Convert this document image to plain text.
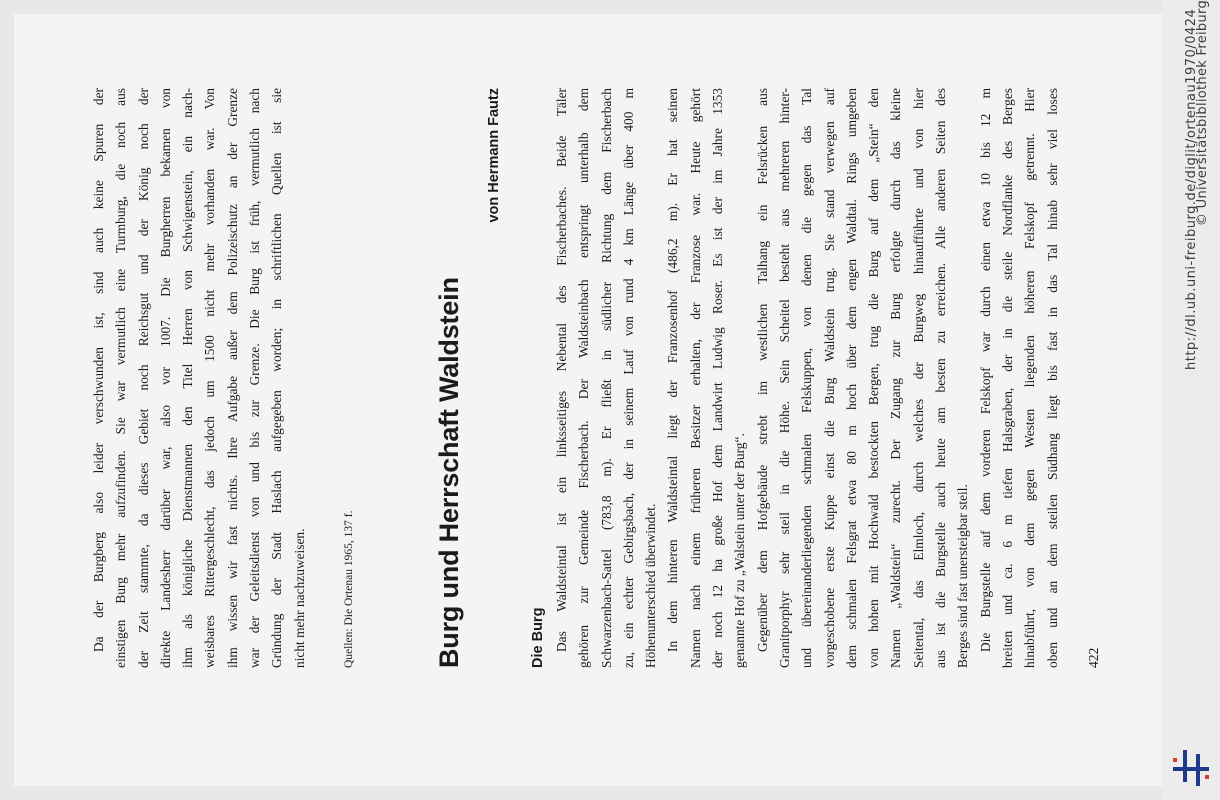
Da der Burgberg also leider verschwunden ist, sind auch keine Spuren der einstigen Burg mehr aufzufinden. Sie war vermutlich eine Turmburg, die noch aus der Zeit stammte, da dieses Gebiet noch Reichsgut und der König noch der direkte Landesherr darüber war, also vor 1007. Die Burgherren bekamen von ihm als königliche Dienstmannen den Titel Herren von Schwigenstein, ein nach- weisbares Rittergeschlecht, das jedoch um 1500 nicht mehr vorhanden war. Von ihm wissen wir fast nichts. Ihre Aufgabe außer dem Polizeischutz an der Grenze war der Geleitsdienst von und bis zur Grenze. Die Burg ist früh, vermutlich nach Gründung der Stadt Haslach aufgegeben worden; in schriftlichen Quellen ist sie nicht mehr nachzuweisen.	Quellen: Die Ortenau 1965, 137 f.	Burg und Herrschaft Waldstein
von Hermann Fautz
Die Burg Das Waldsteintal ist ein linksseitiges Nebental des Fischerbaches. Beide Täler gehören zur Gemeinde Fischerbach. Der Waldsteinbach entspringt unterhalb dem Schwarzenbach-Sattel (783,8 m). Er fließt in südlicher Richtung dem Fischerbach zu, ein echter Gebirgsbach, der in seinem Lauf von rund 4 km Länge über 400 m Höhenunterschied überwindet. In dem hinteren Waldsteintal liegt der Franzosenhof (486,2 m). Er hat seinen Namen nach einem früheren Besitzer erhalten, der Franzose war. Heute gehört der noch 12 ha große Hof dem Landwirt Ludwig Roser. Es ist der im Jahre 1353 genannte Hof zu „Walstein unter der Burg“. Gegenüber dem Hofgebäude strebt im westlichen Talhang ein Felsrücken aus Granitporphyr sehr steil in die Höhe. Sein Scheitel besteht aus mehreren hinter- und übereinanderliegenden schmalen Felskuppen, von denen die gegen das Tal vorgeschobene erste Kuppe einst die Burg Waldstein trug. Sie stand verwegen auf dem schmalen Felsgrat etwa 80 m hoch über dem engen Waldtal. Rings umgeben von hohen mit Hochwald bestockten Bergen, trug die Burg auf dem „Stein“ den Namen „Waldstein“ zurecht. Der Zugang zur Burg erfolgte durch das kleine Seitental, das Elmloch, durch welches der Burgweg hinaufführte und von hier aus ist die Burgstelle auch heute am besten zu erreichen. Alle anderen Seiten des Berges sind fast unersteigbar steil. Die Burgstelle auf dem vorderen Felskopf war durch einen etwa 10 bis 12 m breiten und ca. 6 m tiefen Halsgraben, der in die steile Nordflanke des Berges hinabführt, von dem gegen Westen liegenden höheren Felskopf getrennt. Hier oben und an dem steilen Südhang liegt bis fast in das Tal hinab sehr viel loses	422
http://dl.ub.uni-freiburg.de/diglit/ortenau1970/0424
© Universitätsbibliothek Freiburg
